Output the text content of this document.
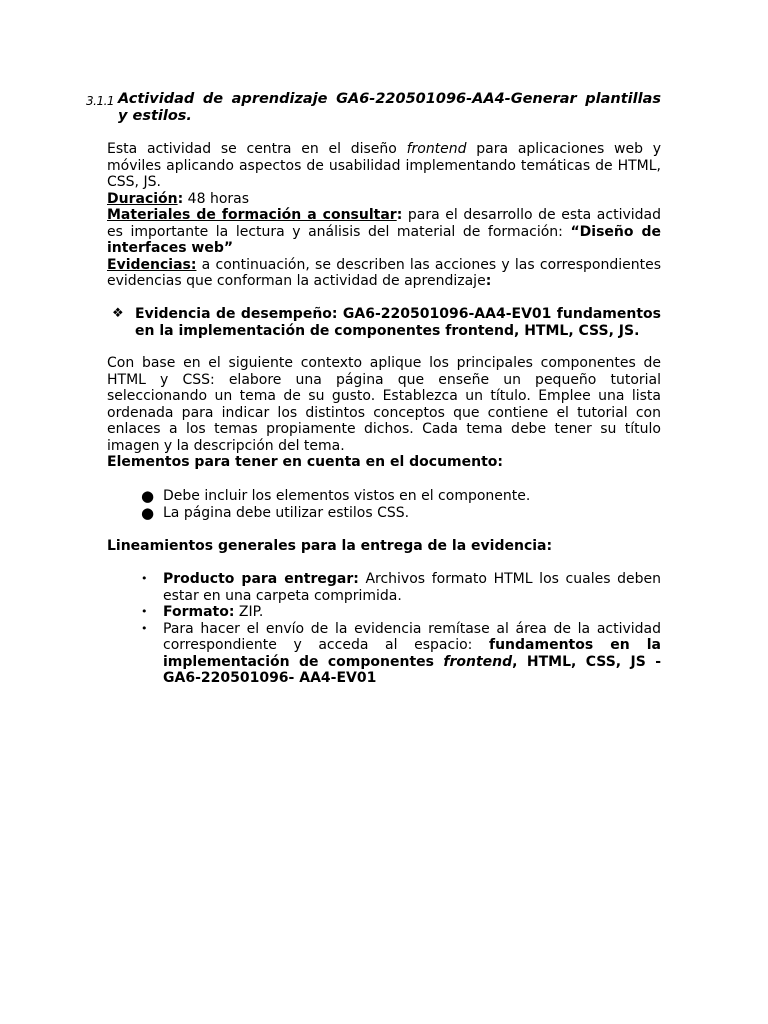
3.1.1 Actividad de aprendizaje GA6-220501096-AA4-Generar plantillas y estilos.

Esta actividad se centra en el diseño frontend para aplicaciones web y móviles aplicando aspectos de usabilidad implementando temáticas de HTML, CSS, JS.

Duración: 48 horas

Materiales de formación a consultar: para el desarrollo de esta actividad es importante la lectura y análisis del material de formación: “Diseño de interfaces web”

Evidencias: a continuación, se describen las acciones y las correspondientes evidencias que conforman la actividad de aprendizaje:

❖ Evidencia de desempeño: GA6-220501096-AA4-EV01 fundamentos en la implementación de componentes frontend, HTML, CSS, JS.

Con base en el siguiente contexto aplique los principales componentes de HTML y CSS: elabore una página que enseñe un pequeño tutorial seleccionando un tema de su gusto. Establezca un título. Emplee una lista ordenada para indicar los distintos conceptos que contiene el tutorial con enlaces a los temas propiamente dichos. Cada tema debe tener su título imagen y la descripción del tema.

Elementos para tener en cuenta en el documento:

● Debe incluir los elementos vistos en el componente.
● La página debe utilizar estilos CSS.

Lineamientos generales para la entrega de la evidencia:

• Producto para entregar: Archivos formato HTML los cuales deben estar en una carpeta comprimida.
• Formato: ZIP.
• Para hacer el envío de la evidencia remítase al área de la actividad correspondiente y acceda al espacio: fundamentos en la implementación de componentes frontend, HTML, CSS, JS - GA6-220501096- AA4-EV01
